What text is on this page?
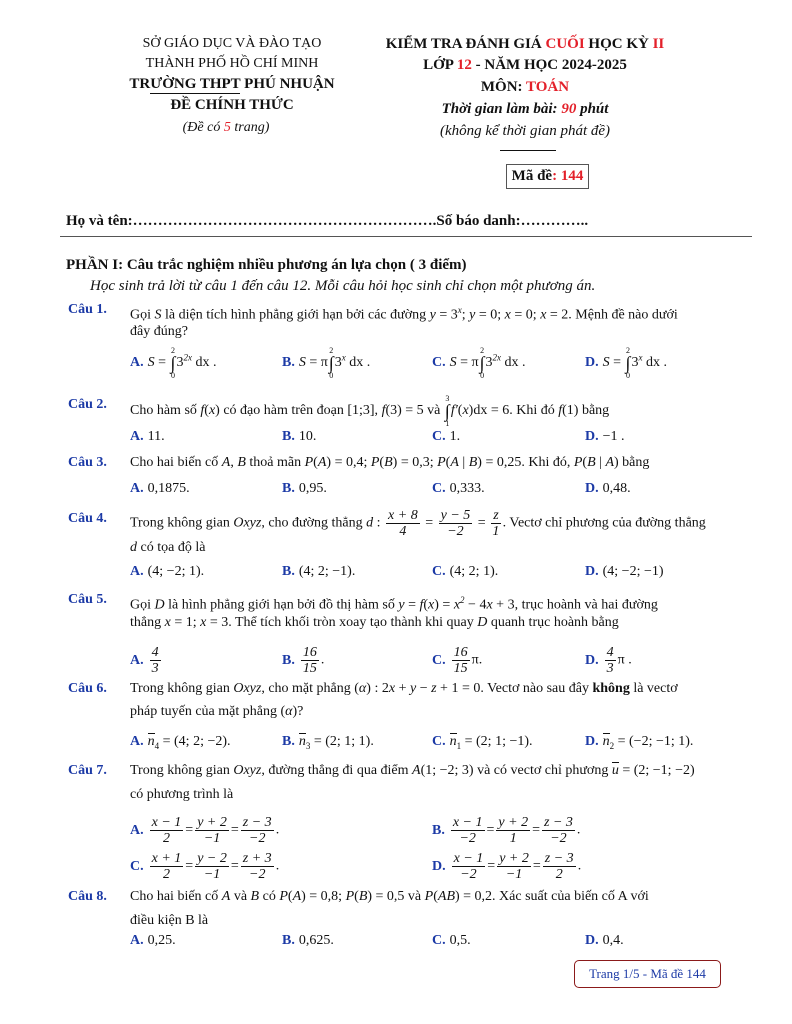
SỞ GIÁO DỤC VÀ ĐÀO TẠO
THÀNH PHỐ HỒ CHÍ MINH
TRƯỜNG THPT PHÚ NHUẬN
ĐỀ CHÍNH THỨC
(Đề có 5 trang)
KIỂM TRA ĐÁNH GIÁ CUỐI HỌC KỲ II
LỚP 12 - NĂM HỌC 2024-2025
MÔN: TOÁN
Thời gian làm bài: 90 phút
(không kể thời gian phát đề)
Mã đề: 144
Họ và tên:…………………………………………………….Số báo danh:…………..
PHẦN I: Câu trắc nghiệm nhiều phương án lựa chọn ( 3 điểm)
Học sinh trả lời từ câu 1 đến câu 12. Mỗi câu hỏi học sinh chỉ chọn một phương án.
Câu 1. Gọi S là diện tích hình phẳng giới hạn bởi các đường $y = 3^x$; y = 0; x = 0; x = 2. Mệnh đề nào dưới
đây đúng?
A. S =
2
∫
0
$3^{2x}$ dx .	B. S = π
2
∫
0
3$^x$ dx .	C. S = π
2
∫
0
$3^{2x}$ dx .	D. S =
2
∫
0
3$^x$ dx .
Câu 2. Cho hàm số f(x) có đạo hàm trên đoạn [1;3], f(3) = 5 và
3
∫
1
f′(x)dx = 6. Khi đó f(1) bằng
A. 11.	B. 10.	C. 1.	D. −1 .
Câu 3. Cho hai biến cố A, B thoả mãn P(A) = 0,4; P(B) = 0,3; P(A | B) = 0,25. Khi đó, P(B | A) bằng
A. 0,1875.	B. 0,95.	C. 0,333.	D. 0,48.
Câu 4. Trong không gian Oxyz, cho đường thẳng d : $\frac{x + 8}{4} = \frac{y - 5}{-2} = \frac{z}{1}$ . Vectơ chỉ phương của đường thẳng
d có tọa độ là
A. (4; −2; 1).	B. (4; 2; −1).	C. (4; 2; 1).	D. (4; −2; −1)
Câu 5. Gọi D là hình phẳng giới hạn bởi đồ thị hàm số $y = f(x) = x^2 - 4x + 3$, trục hoành và hai đường
thẳng x = 1; x = 3. Thể tích khối tròn xoay tạo thành khi quay D quanh trục hoành bằng
A. $\frac{4}{3}$	B. $\frac{16}{15}$ .	C. $\frac{16}{15} \pi$.	D. $\frac{4}{3}$ π .
Câu 6. Trong không gian Oxyz, cho mặt phẳng (α) : 2x + y − z + 1 = 0. Vectơ nào sau đây không là vectơ
pháp tuyến của mặt phẳng (α)?
A. $n_4 = (4$; 2; −2).	B. $n_3 = (2$; 1; 1).	C. $n_1 = (2$; 1; −1).	D. $n_2 = (-2$; −1; 1).
Câu 7. Trong không gian Oxyz, đường thẳng đi qua điểm A(1; −2; 3) và có vectơ chỉ phương u = (2; −1; −2)
có phương trình là
A. $\frac{x - 1}{2} = \frac{y + 2}{-1} = \frac{z - 3}{-2}$ .	B. $\frac{x - 1}{-2} = \frac{y + 2}{1} = \frac{z - 3}{-2}$ .
C. $\frac{x + 1}{2} = \frac{y - 2}{-1} = \frac{z + 3}{-2}$ .	D. $\frac{x - 1}{-2} = \frac{y + 2}{-1} = \frac{z - 3}{2}$ .
Câu 8. Cho hai biến cố A và B có P(A) = 0,8; P(B) = 0,5 và P(AB) = 0,2. Xác suất của biến cố A với
điều kiện B là
A. 0,25.	B. 0,625.	C. 0,5.	D. 0,4.
Trang 1/5 - Mã đề 144
